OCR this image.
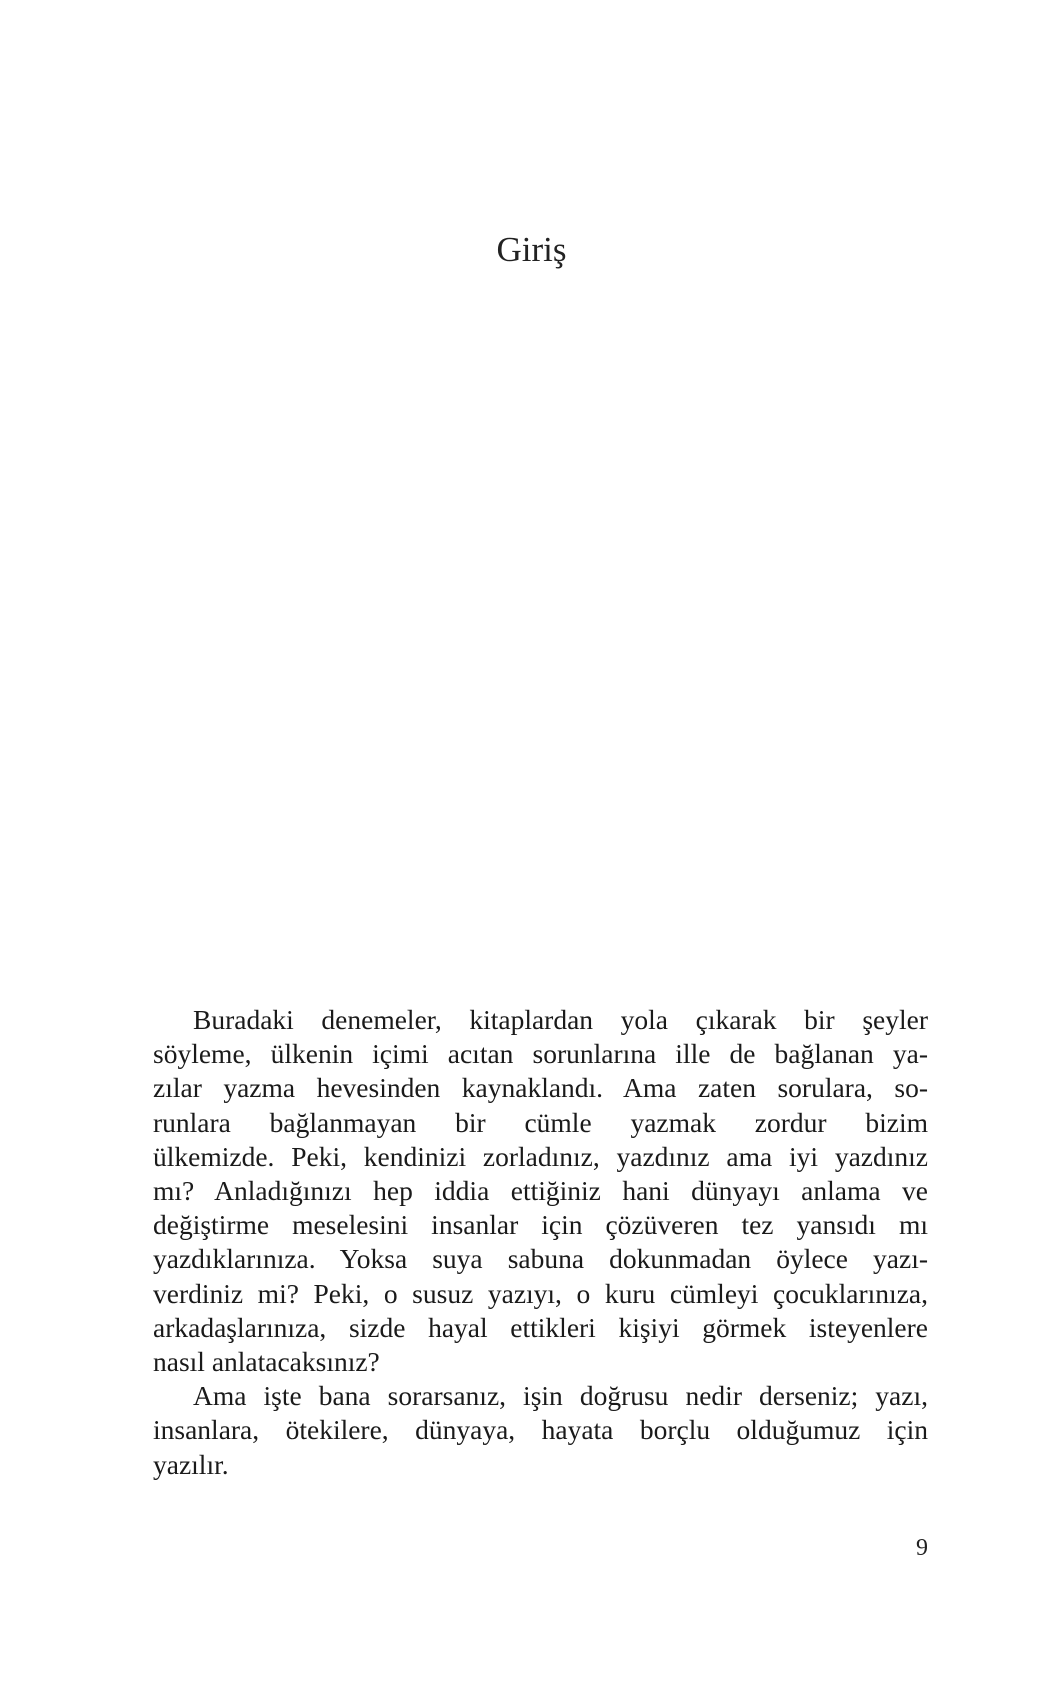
Giriş
Buradaki denemeler, kitaplardan yola çıkarak bir şeyler
söyleme, ülkenin içimi acıtan sorunlarına ille de bağlanan ya-
zılar yazma hevesinden kaynaklandı. Ama zaten sorulara, so-
runlara bağlanmayan bir cümle yazmak zordur bizim
ülkemizde. Peki, kendinizi zorladınız, yazdınız ama iyi yazdınız
mı? Anladığınızı hep iddia ettiğiniz hani dünyayı anlama ve
değiştirme meselesini insanlar için çözüveren tez yansıdı mı
yazdıklarınıza. Yoksa suya sabuna dokunmadan öylece yazı-
verdiniz mi? Peki, o susuz yazıyı, o kuru cümleyi çocuklarınıza,
arkadaşlarınıza, sizde hayal ettikleri kişiyi görmek isteyenlere
nasıl anlatacaksınız?
Ama işte bana sorarsanız, işin doğrusu nedir derseniz; yazı,
insanlara, ötekilere, dünyaya, hayata borçlu olduğumuz için
yazılır.
9
